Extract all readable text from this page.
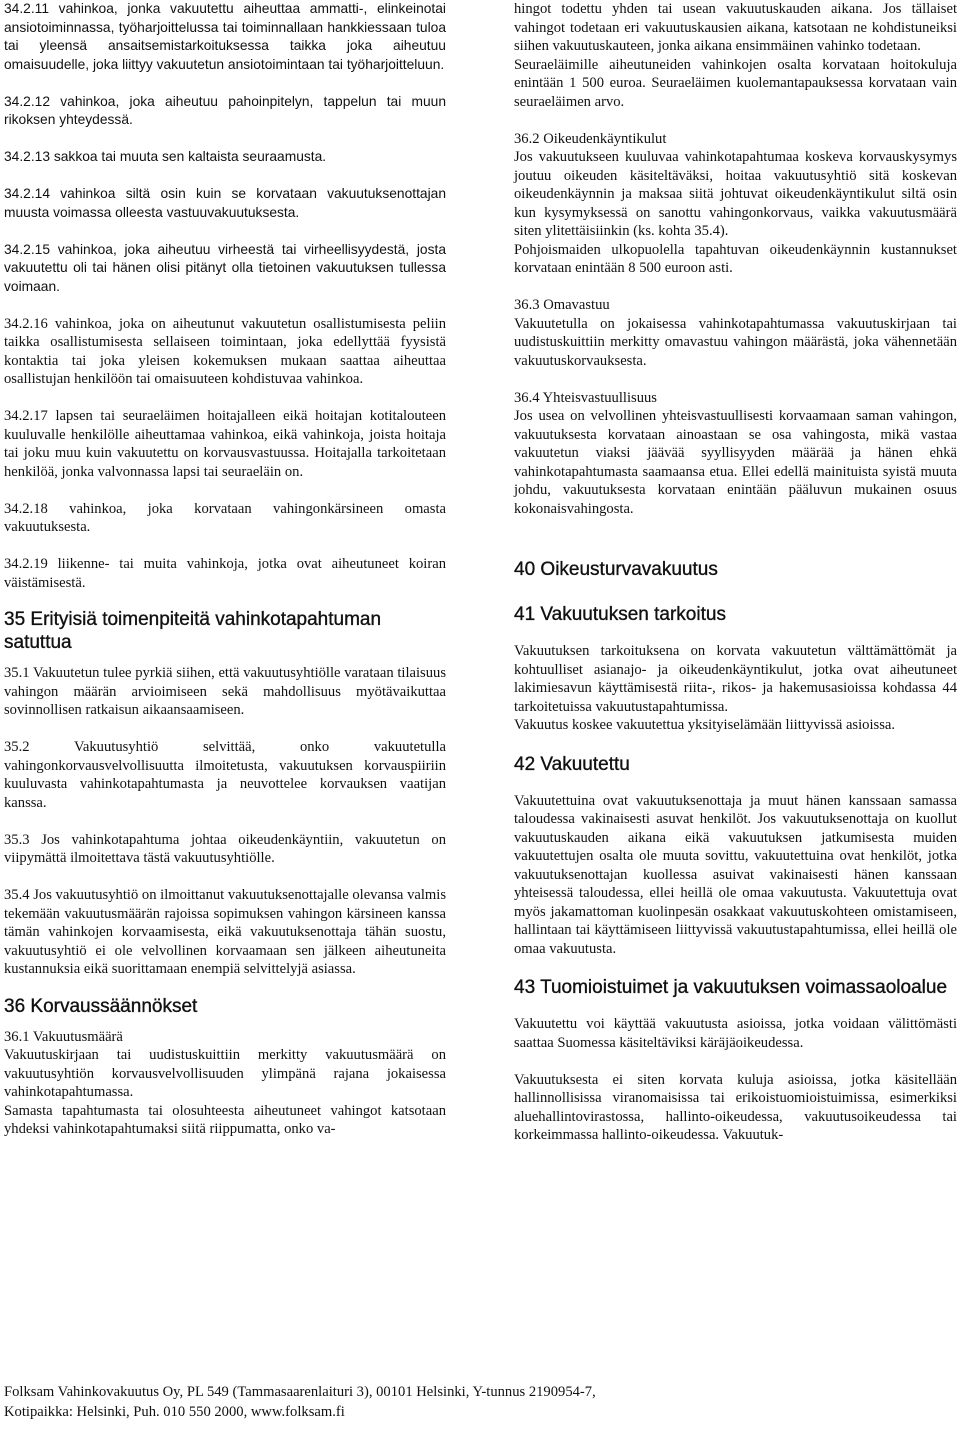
34.2.11 vahinkoa, jonka vakuutettu aiheuttaa ammatti-, elinkeinotai ansiotoiminnassa, työharjoittelussa tai toiminnallaan hankkiessaan tuloa tai yleensä ansaitsemistarkoituksessa taikka joka aiheutuu omaisuudelle, joka liittyy vakuutetun ansiotoimintaan tai työharjoitteluun.

34.2.12 vahinkoa, joka aiheutuu pahoinpitelyn, tappelun tai muun rikoksen yhteydessä.

34.2.13 sakkoa tai muuta sen kaltaista seuraamusta.

34.2.14 vahinkoa siltä osin kuin se korvataan vakuutuksenottajan muusta voimassa olleesta vastuuvakuutuksesta.

34.2.15 vahinkoa, joka aiheutuu virheestä tai virheellisyydestä, josta vakuutettu oli tai hänen olisi pitänyt olla tietoinen vakuutuksen tullessa voimaan.

34.2.16 vahinkoa, joka on aiheutunut vakuutetun osallistumisesta peliin taikka osallistumisesta sellaiseen toimintaan, joka edellyttää fyysistä kontaktia tai joka yleisen kokemuksen mukaan saattaa aiheuttaa osallistujan henkilöön tai omaisuuteen kohdistuvaa vahinkoa.

34.2.17 lapsen tai seuraeläimen hoitajalleen eikä hoitajan kotitalouteen kuuluvalle henkilölle aiheuttamaa vahinkoa, eikä vahinkoja, joista hoitaja tai joku muu kuin vakuutettu on korvausvastuussa. Hoitajalla tarkoitetaan henkilöä, jonka valvonnassa lapsi tai seuraeläin on.

34.2.18 vahinkoa, joka korvataan vahingonkärsineen omasta vakuutuksesta.

34.2.19 liikenne- tai muita vahinkoja, jotka ovat aiheutuneet koiran väistämisestä.

35 Erityisiä toimenpiteitä vahinkotapahtuman satuttua

35.1 Vakuutetun tulee pyrkiä siihen, että vakuutusyhtiölle varataan tilaisuus vahingon määrän arvioimiseen sekä mahdollisuus myötävaikuttaa sovinnollisen ratkaisun aikaansaamiseen.

35.2 Vakuutusyhtiö selvittää, onko vakuutetulla vahingonkorvausvelvollisuutta ilmoitetusta, vakuutuksen korvauspiiriin kuuluvasta vahinkotapahtumasta ja neuvottelee korvauksen vaatijan kanssa.

35.3 Jos vahinkotapahtuma johtaa oikeudenkäyntiin, vakuutetun on viipymättä ilmoitettava tästä vakuutusyhtiölle.

35.4 Jos vakuutusyhtiö on ilmoittanut vakuutuksenottajalle olevansa valmis tekemään vakuutusmäärän rajoissa sopimuksen vahingon kärsineen kanssa tämän vahinkojen korvaamisesta, eikä vakuutuksenottaja tähän suostu, vakuutusyhtiö ei ole velvollinen korvaamaan sen jälkeen aiheutuneita kustannuksia eikä suorittamaan enempiä selvittelyjä asiassa.

36 Korvaussäännökset

36.1 Vakuutusmäärä

Vakuutuskirjaan tai uudistuskuittiin merkitty vakuutusmäärä on vakuutusyhtiön korvausvelvollisuuden ylimpänä rajana jokaisessa vahinkotapahtumassa.

Samasta tapahtumasta tai olosuhteesta aiheutuneet vahingot katsotaan yhdeksi vahinkotapahtumaksi siitä riippumatta, onko va-

hingot todettu yhden tai usean vakuutuskauden aikana. Jos tällaiset vahingot todetaan eri vakuutuskausien aikana, katsotaan ne kohdistuneiksi siihen vakuutuskauteen, jonka aikana ensimmäinen vahinko todetaan.

Seuraeläimille aiheutuneiden vahinkojen osalta korvataan hoitokuluja enintään 1 500 euroa. Seuraeläimen kuolemantapauksessa korvataan vain seuraeläimen arvo.

36.2 Oikeudenkäyntikulut

Jos vakuutukseen kuuluvaa vahinkotapahtumaa koskeva korvauskysymys joutuu oikeuden käsiteltäväksi, hoitaa vakuutusyhtiö sitä koskevan oikeudenkäynnin ja maksaa siitä johtuvat oikeudenkäyntikulut siltä osin kun kysymyksessä on sanottu vahingonkorvaus, vaikka vakuutusmäärä siten ylitettäisiinkin (ks. kohta 35.4).

Pohjoismaiden ulkopuolella tapahtuvan oikeudenkäynnin kustannukset korvataan enintään 8 500 euroon asti.

36.3 Omavastuu

Vakuutetulla on jokaisessa vahinkotapahtumassa vakuutuskirjaan tai uudistuskuittiin merkitty omavastuu vahingon määrästä, joka vähennetään vakuutuskorvauksesta.

36.4 Yhteisvastuullisuus

Jos usea on velvollinen yhteisvastuullisesti korvaamaan saman vahingon, vakuutuksesta korvataan ainoastaan se osa vahingosta, mikä vastaa vakuutetun viaksi jäävää syyllisyyden määrää ja hänen ehkä vahinkotapahtumasta saamaansa etua. Ellei edellä mainituista syistä muuta johdu, vakuutuksesta korvataan enintään pääluvun mukainen osuus kokonaisvahingosta.

40 Oikeusturvavakuutus
41 Vakuutuksen tarkoitus

Vakuutuksen tarkoituksena on korvata vakuutetun välttämättömät ja kohtuulliset asianajo- ja oikeudenkäyntikulut, jotka ovat aiheutuneet lakimiesavun käyttämisestä riita-, rikos- ja hakemusasioissa kohdassa 44 tarkoitetuissa vakuutustapahtumissa.

Vakuutus koskee vakuutettua yksityiselämään liittyvissä asioissa.

42 Vakuutettu

Vakuutettuina ovat vakuutuksenottaja ja muut hänen kanssaan samassa taloudessa vakinaisesti asuvat henkilöt. Jos vakuutuksenottaja on kuollut vakuutuskauden aikana eikä vakuutuksen jatkumisesta muiden vakuutettujen osalta ole muuta sovittu, vakuutettuina ovat henkilöt, jotka vakuutuksenottajan kuollessa asuivat vakinaisesti hänen kanssaan yhteisessä taloudessa, ellei heillä ole omaa vakuutusta. Vakuutettuja ovat myös jakamattoman kuolinpesän osakkaat vakuutuskohteen omistamiseen, hallintaan tai käyttämiseen liittyvissä vakuutustapahtumissa, ellei heillä ole omaa vakuutusta.

43 Tuomioistuimet ja vakuutuksen voimassaoloalue

Vakuutettu voi käyttää vakuutusta asioissa, jotka voidaan välittömästi saattaa Suomessa käsiteltäviksi käräjäoikeudessa.

Vakuutuksesta ei siten korvata kuluja asioissa, jotka käsitellään hallinnollisissa viranomaisissa tai erikoistuomioistuimissa, esimerkiksi aluehallintovirastossa, hallinto-oikeudessa, vakuutusoikeudessa tai korkeimmassa hallinto-oikeudessa. Vakuutuk-

Folksam Vahinkovakuutus Oy, PL 549 (Tammasaarenlaituri 3), 00101 Helsinki, Y-tunnus 2190954-7,
Kotipaikka: Helsinki, Puh. 010 550 2000, www.folksam.fi
